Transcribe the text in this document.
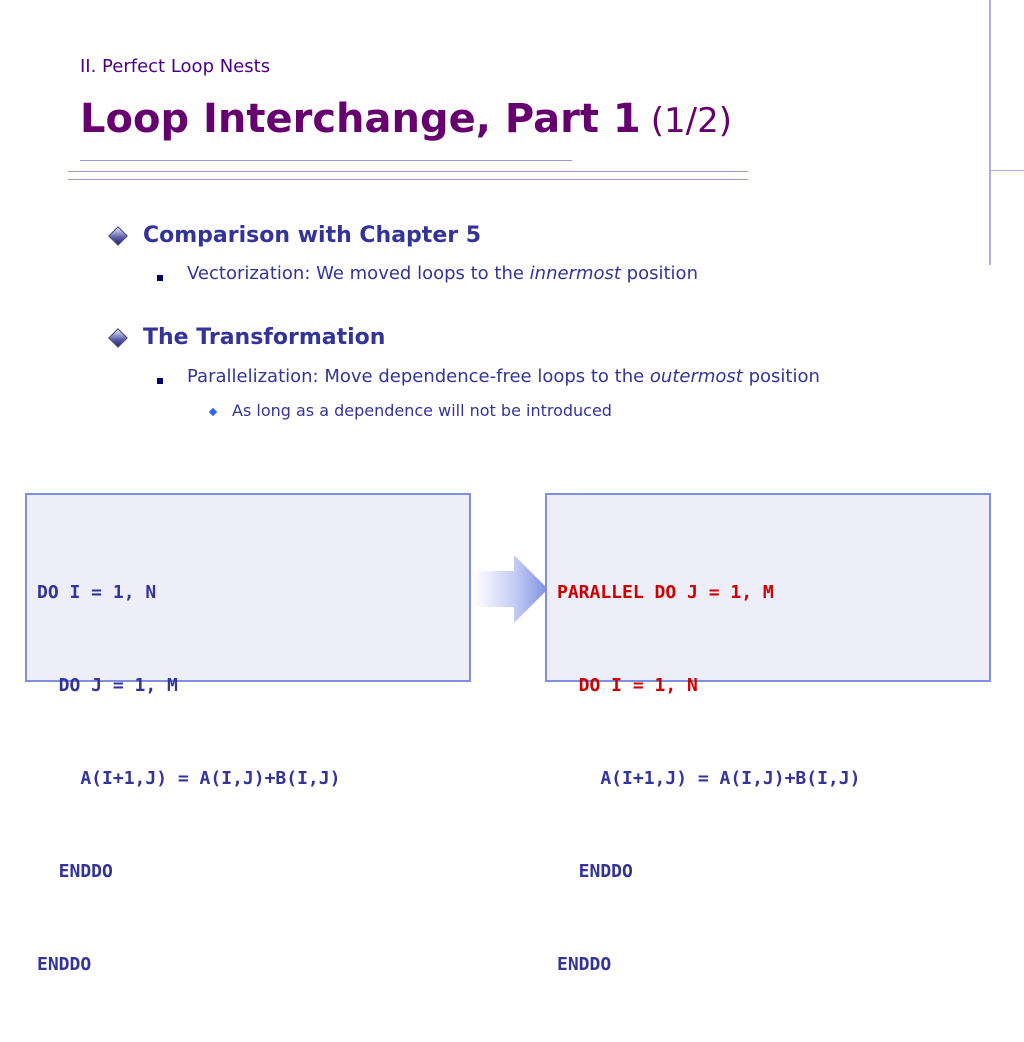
II. Perfect Loop Nests
Loop Interchange, Part 1 (1/2)
Comparison with Chapter 5
Vectorization: We moved loops to the innermost position
The Transformation
Parallelization: Move dependence-free loops to the outermost position
As long as a dependence will not be introduced

DO I = 1, N

DO J = 1, M

A(I+1,J) = A(I,J)+B(I,J)

ENDDO

ENDDO

PARALLEL DO J = 1, M

DO I = 1, N

A(I+1,J) = A(I,J)+B(I,J)

ENDDO

ENDDO
